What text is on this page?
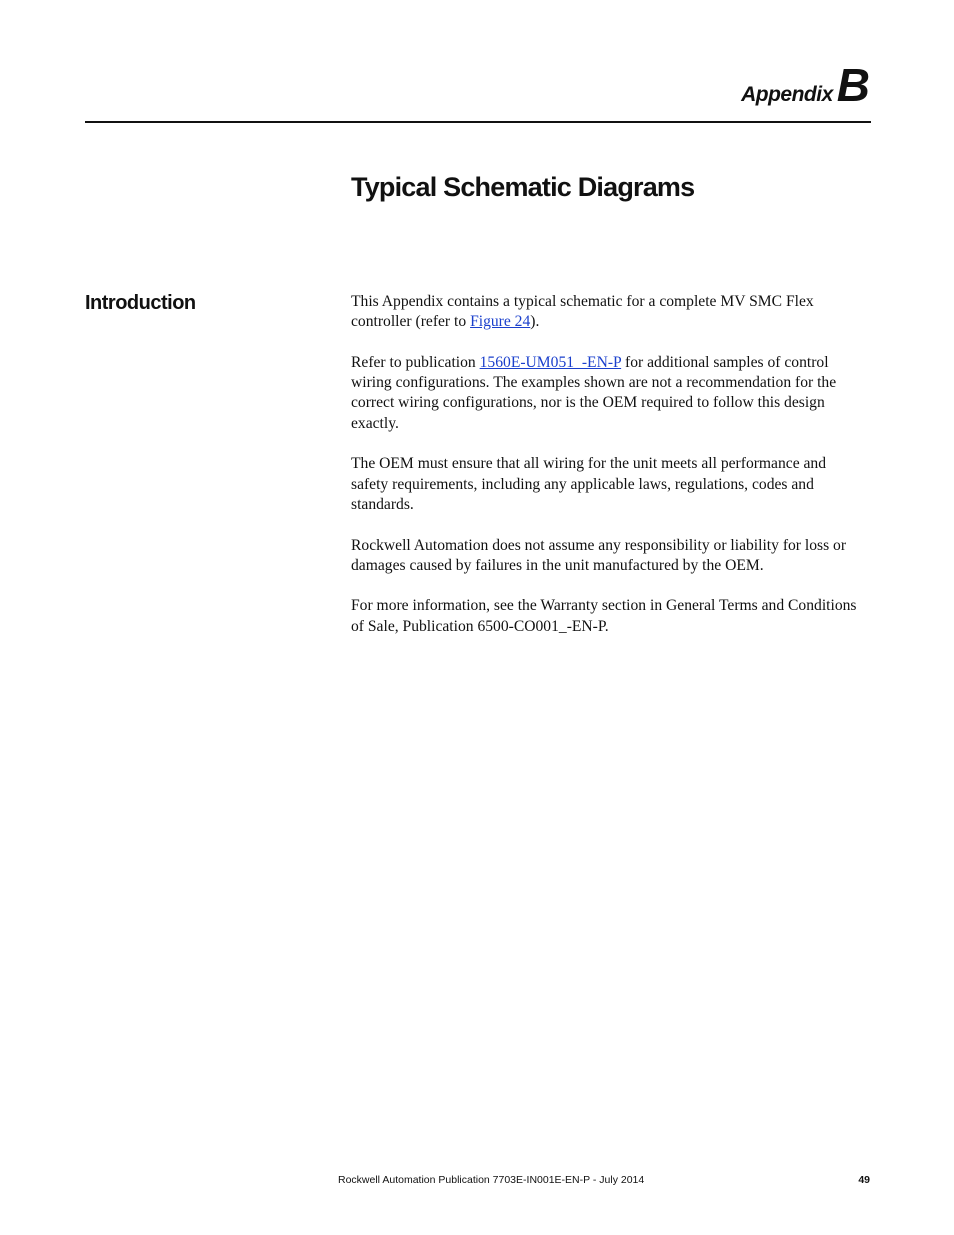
AppendixB
Typical Schematic Diagrams
Introduction	This Appendix contains a typical schematic for a complete MV SMC Flex controller (refer to Figure 24).

Refer to publication 1560E-UM051_-EN-P for additional samples of control wiring configurations. The examples shown are not a recommendation for the correct wiring configurations, nor is the OEM required to follow this design exactly.

The OEM must ensure that all wiring for the unit meets all performance and safety requirements, including any applicable laws, regulations, codes and standards.

Rockwell Automation does not assume any responsibility or liability for loss or damages caused by failures in the unit manufactured by the OEM.

For more information, see the Warranty section in General Terms and Conditions of Sale, Publication 6500-CO001_-EN-P.

Rockwell Automation Publication 7703E-IN001E-EN-P - July 2014	49
